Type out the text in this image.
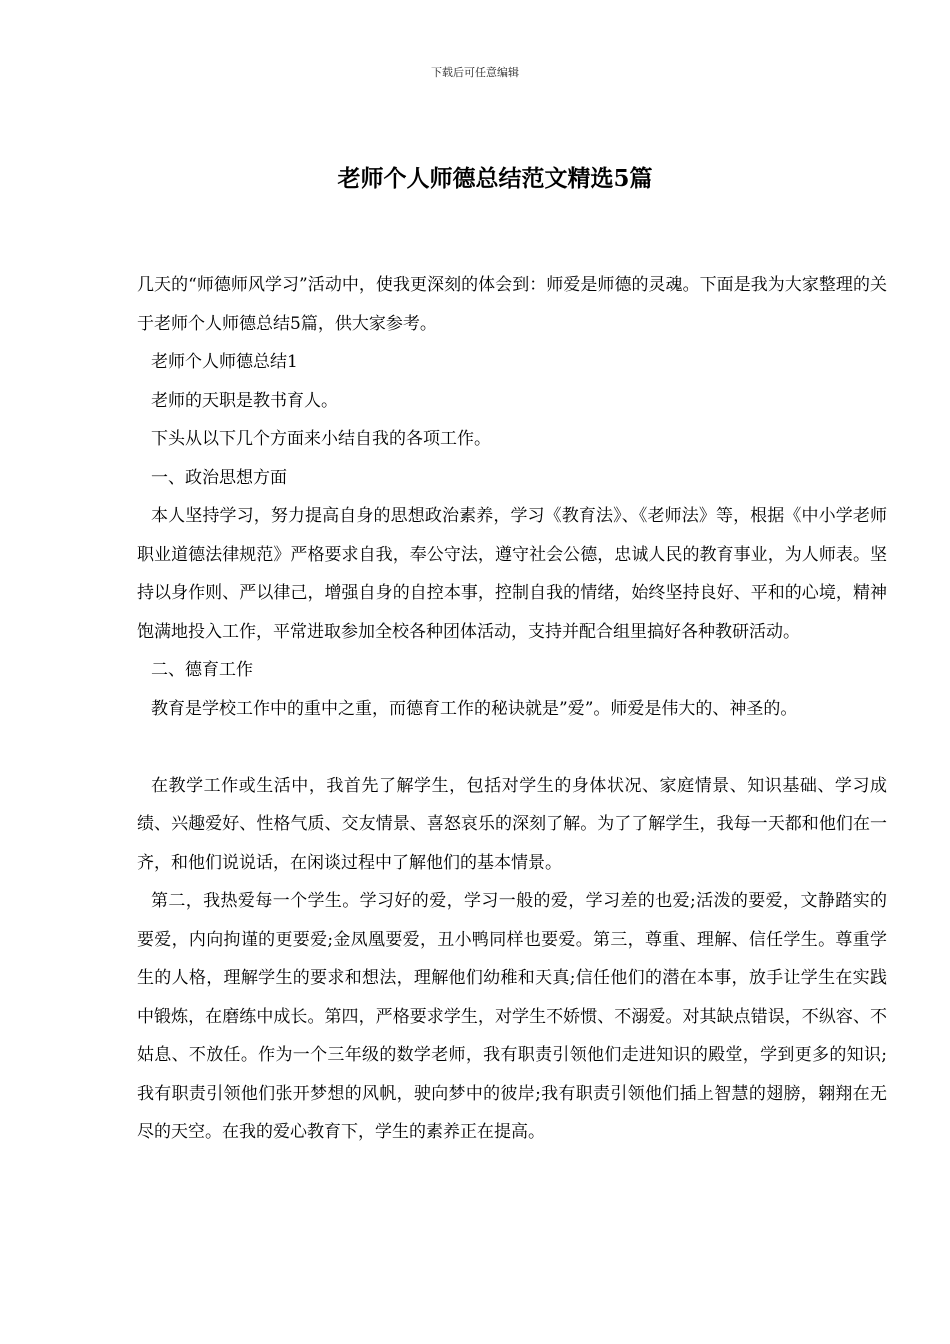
下载后可任意编辑
老师个人师德总结范文精选5篇

几天的“师德师风学习”活动中，使我更深刻的体会到：师爱是师德的灵魂。下面是我为大家整理的关于老师个人师德总结5篇，供大家参考。

老师个人师德总结1

老师的天职是教书育人。

下头从以下几个方面来小结自我的各项工作。

一、政治思想方面

本人坚持学习，努力提高自身的思想政治素养，学习《教育法》、《老师法》等，根据《中小学老师职业道德法律规范》严格要求自我，奉公守法，遵守社会公德，忠诚人民的教育事业，为人师表。坚持以身作则、严以律己，增强自身的自控本事，控制自我的情绪，始终坚持良好、平和的心境，精神饱满地投入工作，平常进取参加全校各种团体活动，支持并配合组里搞好各种教研活动。

二、德育工作

教育是学校工作中的重中之重，而德育工作的秘诀就是”爱”。师爱是伟大的、神圣的。

在教学工作或生活中，我首先了解学生，包括对学生的身体状况、家庭情景、知识基础、学习成绩、兴趣爱好、性格气质、交友情景、喜怒哀乐的深刻了解。为了了解学生，我每一天都和他们在一齐，和他们说说话，在闲谈过程中了解他们的基本情景。

第二，我热爱每一个学生。学习好的爱，学习一般的爱，学习差的也爱;活泼的要爱，文静踏实的要爱，内向拘谨的更要爱;金凤凰要爱，丑小鸭同样也要爱。第三，尊重、理解、信任学生。尊重学生的人格，理解学生的要求和想法，理解他们幼稚和天真;信任他们的潜在本事，放手让学生在实践中锻炼，在磨练中成长。第四，严格要求学生，对学生不娇惯、不溺爱。对其缺点错误，不纵容、不姑息、不放任。作为一个三年级的数学老师，我有职责引领他们走进知识的殿堂，学到更多的知识;我有职责引领他们张开梦想的风帆，驶向梦中的彼岸;我有职责引领他们插上智慧的翅膀，翱翔在无尽的天空。在我的爱心教育下，学生的素养正在提高。
